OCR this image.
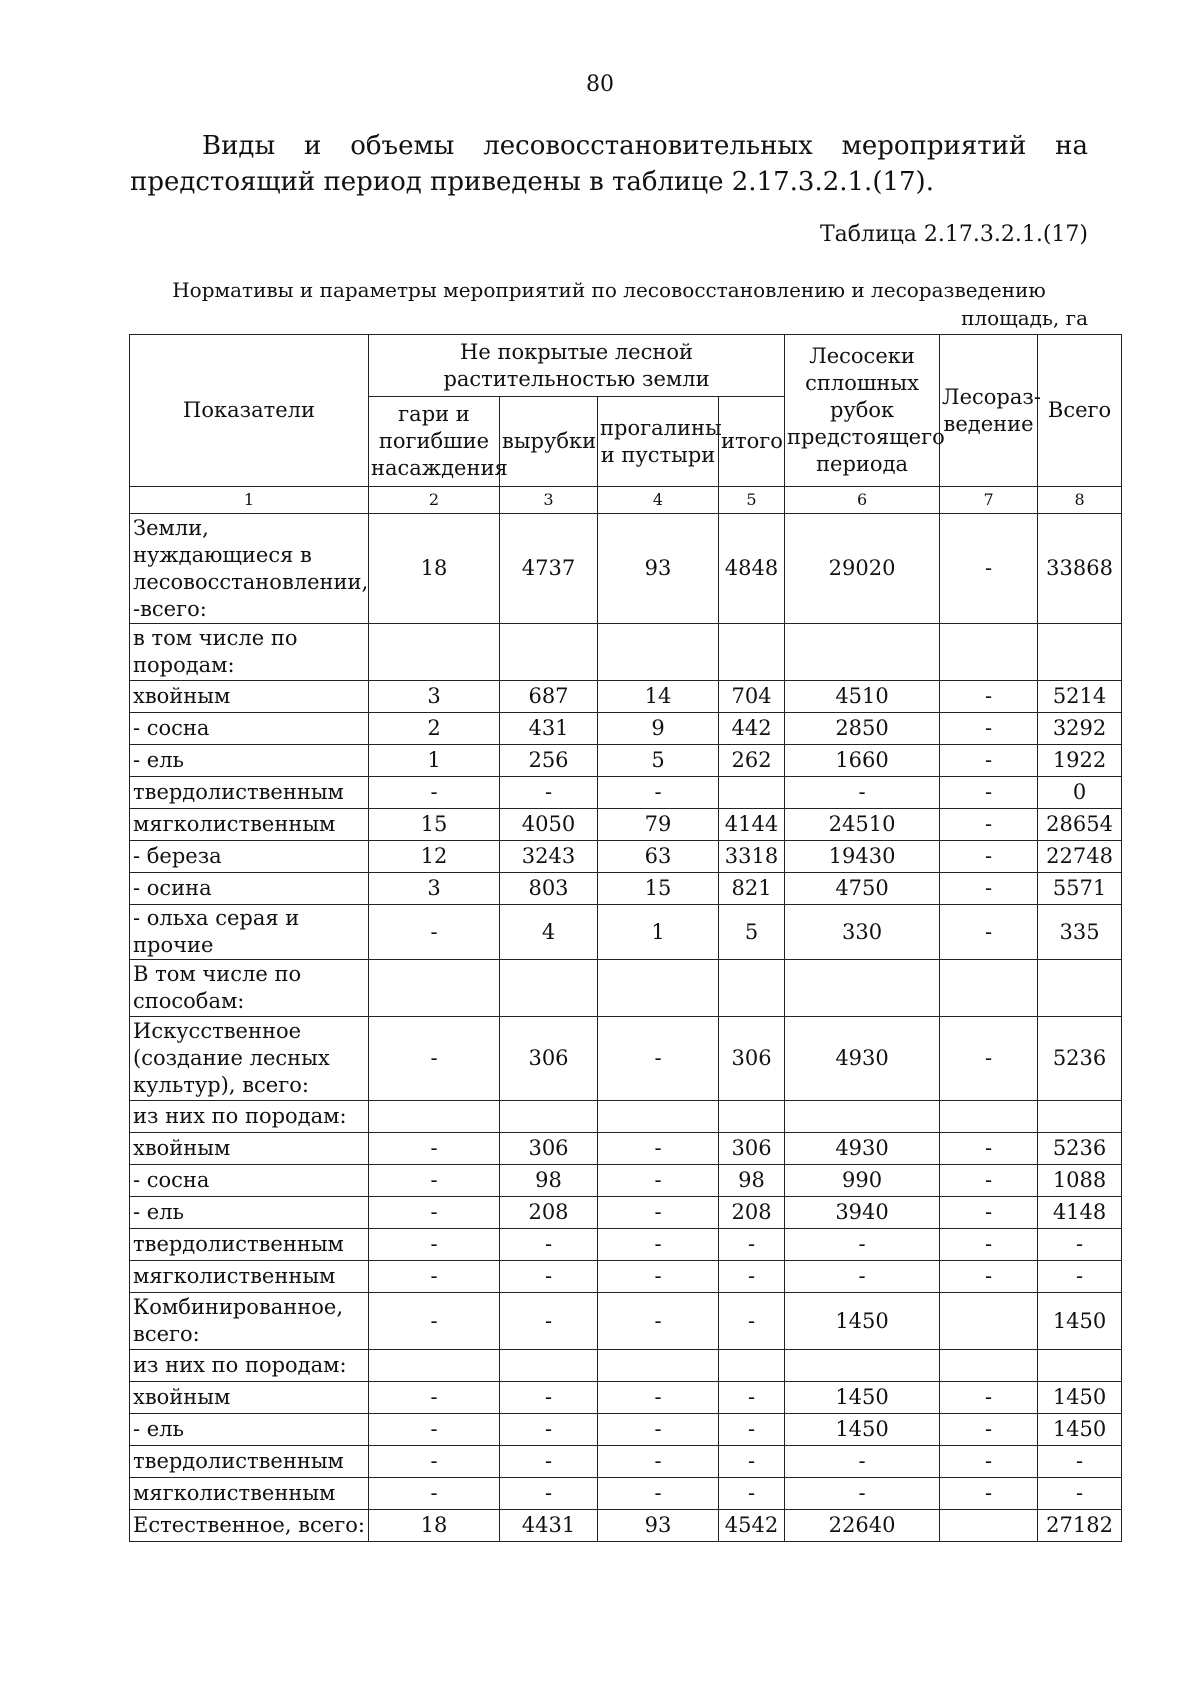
80
Виды и объемы лесовосстановительных мероприятий на предстоящий период приведены в таблице 2.17.3.2.1.(17).
Таблица 2.17.3.2.1.(17)
Нормативы и параметры мероприятий по лесовосстановлению и лесоразведению
площадь, га
Показатели	Не покрытые лесной растительностью земли				Лесосеки сплошных рубок предстоящего периода	Лесораз-ведение	Всего
	гари и погибшие насаждения	вырубки	прогалины и пустыри	итого			
1	2	3	4	5	6	7	8
Земли, нуждающиеся в лесовосстановлении, -всего:	18	4737	93	4848	29020	-	33868
в том числе по породам:							
хвойным	3	687	14	704	4510	-	5214
- сосна	2	431	9	442	2850	-	3292
- ель	1	256	5	262	1660	-	1922
твердолиственным	-	-	-		-	-	0
мягколиственным	15	4050	79	4144	24510	-	28654
- береза	12	3243	63	3318	19430	-	22748
- осина	3	803	15	821	4750	-	5571
- ольха серая и прочие	-	4	1	5	330	-	335
В том числе по способам:							
Искусственное (создание лесных культур), всего:	-	306	-	306	4930	-	5236
из них по породам:							
хвойным	-	306	-	306	4930	-	5236
- сосна	-	98	-	98	990	-	1088
- ель	-	208	-	208	3940	-	4148
твердолиственным	-	-	-	-	-	-	-
мягколиственным	-	-	-	-	-	-	-
Комбинированное, всего:	-	-	-	-	1450		1450
из них по породам:							
хвойным	-	-	-	-	1450	-	1450
- ель	-	-	-	-	1450	-	1450
твердолиственным	-	-	-	-	-	-	-
мягколиственным	-	-	-	-	-	-	-
Естественное, всего:	18	4431	93	4542	22640		27182
